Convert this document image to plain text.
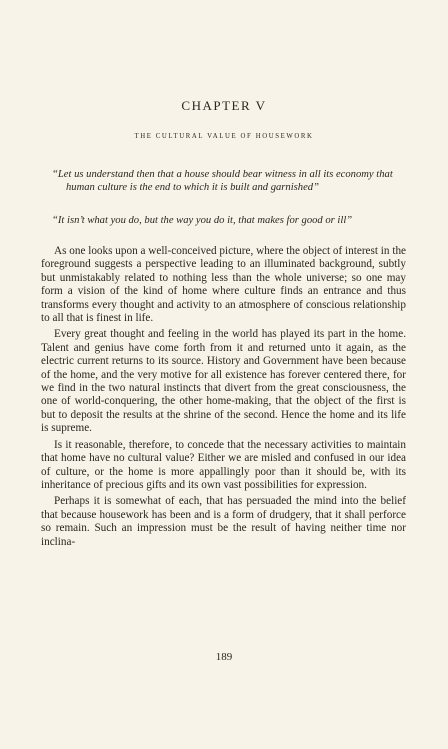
CHAPTER V
THE CULTURAL VALUE OF HOUSEWORK
“Let us understand then that a house should bear witness in all its economy that human culture is the end to which it is built and garnished”
“It isn’t what you do, but the way you do it, that makes for good or ill”

As one looks upon a well-conceived picture, where the object of interest in the foreground suggests a perspective leading to an illuminated background, subtly but unmistakably related to nothing less than the whole universe; so one may form a vision of the kind of home where culture finds an entrance and thus transforms every thought and activity to an atmosphere of conscious relationship to all that is finest in life.

Every great thought and feeling in the world has played its part in the home. Talent and genius have come forth from it and returned unto it again, as the electric current returns to its source. History and Government have been because of the home, and the very motive for all existence has forever centered there, for we find in the two natural instincts that divert from the great consciousness, the one of world-conquering, the other home-making, that the object of the first is but to deposit the results at the shrine of the second. Hence the home and its life is supreme.

Is it reasonable, therefore, to concede that the necessary activities to maintain that home have no cultural value? Either we are misled and confused in our idea of culture, or the home is more appallingly poor than it should be, with its inheritance of precious gifts and its own vast possibilities for expression.

Perhaps it is somewhat of each, that has persuaded the mind into the belief that because housework has been and is a form of drudgery, that it shall perforce so remain. Such an impression must be the result of having neither time nor inclina-

189
